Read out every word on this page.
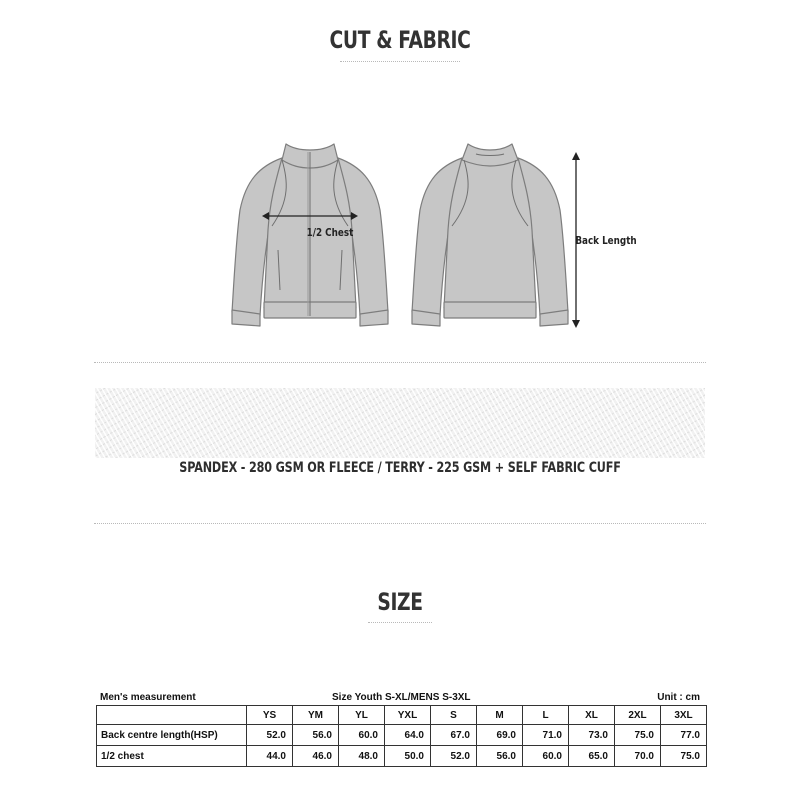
CUT & FABRIC
1/2 Chest
Back Length
SPANDEX - 280 GSM OR FLEECE / TERRY - 225 GSM + SELF FABRIC CUFF
SIZE
Men's measurement	Size Youth S-XL/MENS S-3XL	Unit : cm
	YS	YM	YL	YXL	S	M	L	XL	2XL	3XL
Back centre length(HSP)	52.0	56.0	60.0	64.0	67.0	69.0	71.0	73.0	75.0	77.0
1/2 chest	44.0	46.0	48.0	50.0	52.0	56.0	60.0	65.0	70.0	75.0
